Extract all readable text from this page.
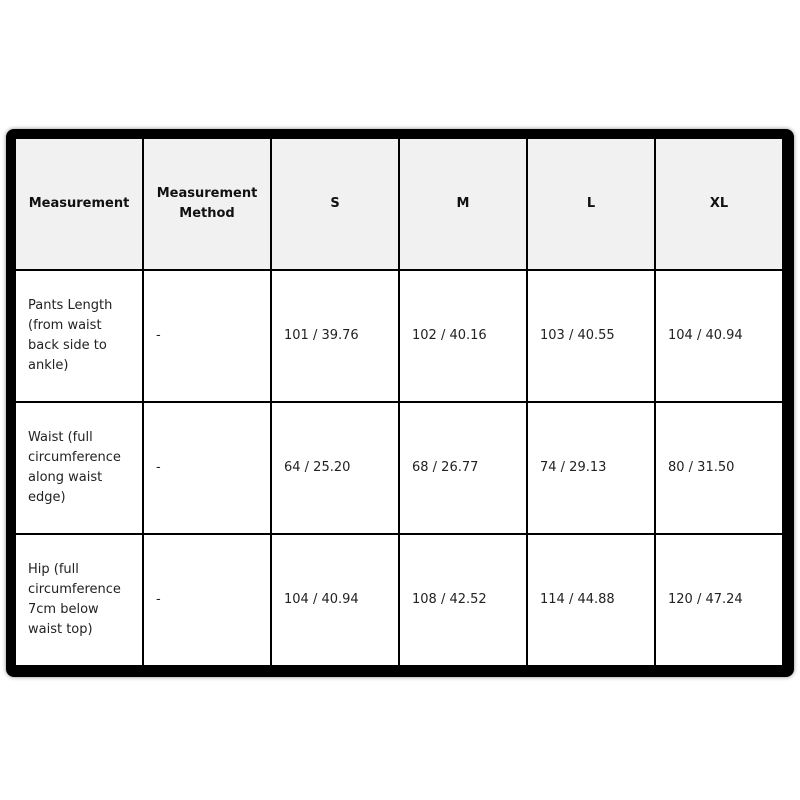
Measurement	Measurement Method	S	M	L	XL
Pants Length (from waist back side to ankle)	-	101 / 39.76	102 / 40.16	103 / 40.55	104 / 40.94
Waist (full circumference along waist edge)	-	64 / 25.20	68 / 26.77	74 / 29.13	80 / 31.50
Hip (full circumference 7cm below waist top)	-	104 / 40.94	108 / 42.52	114 / 44.88	120 / 47.24
